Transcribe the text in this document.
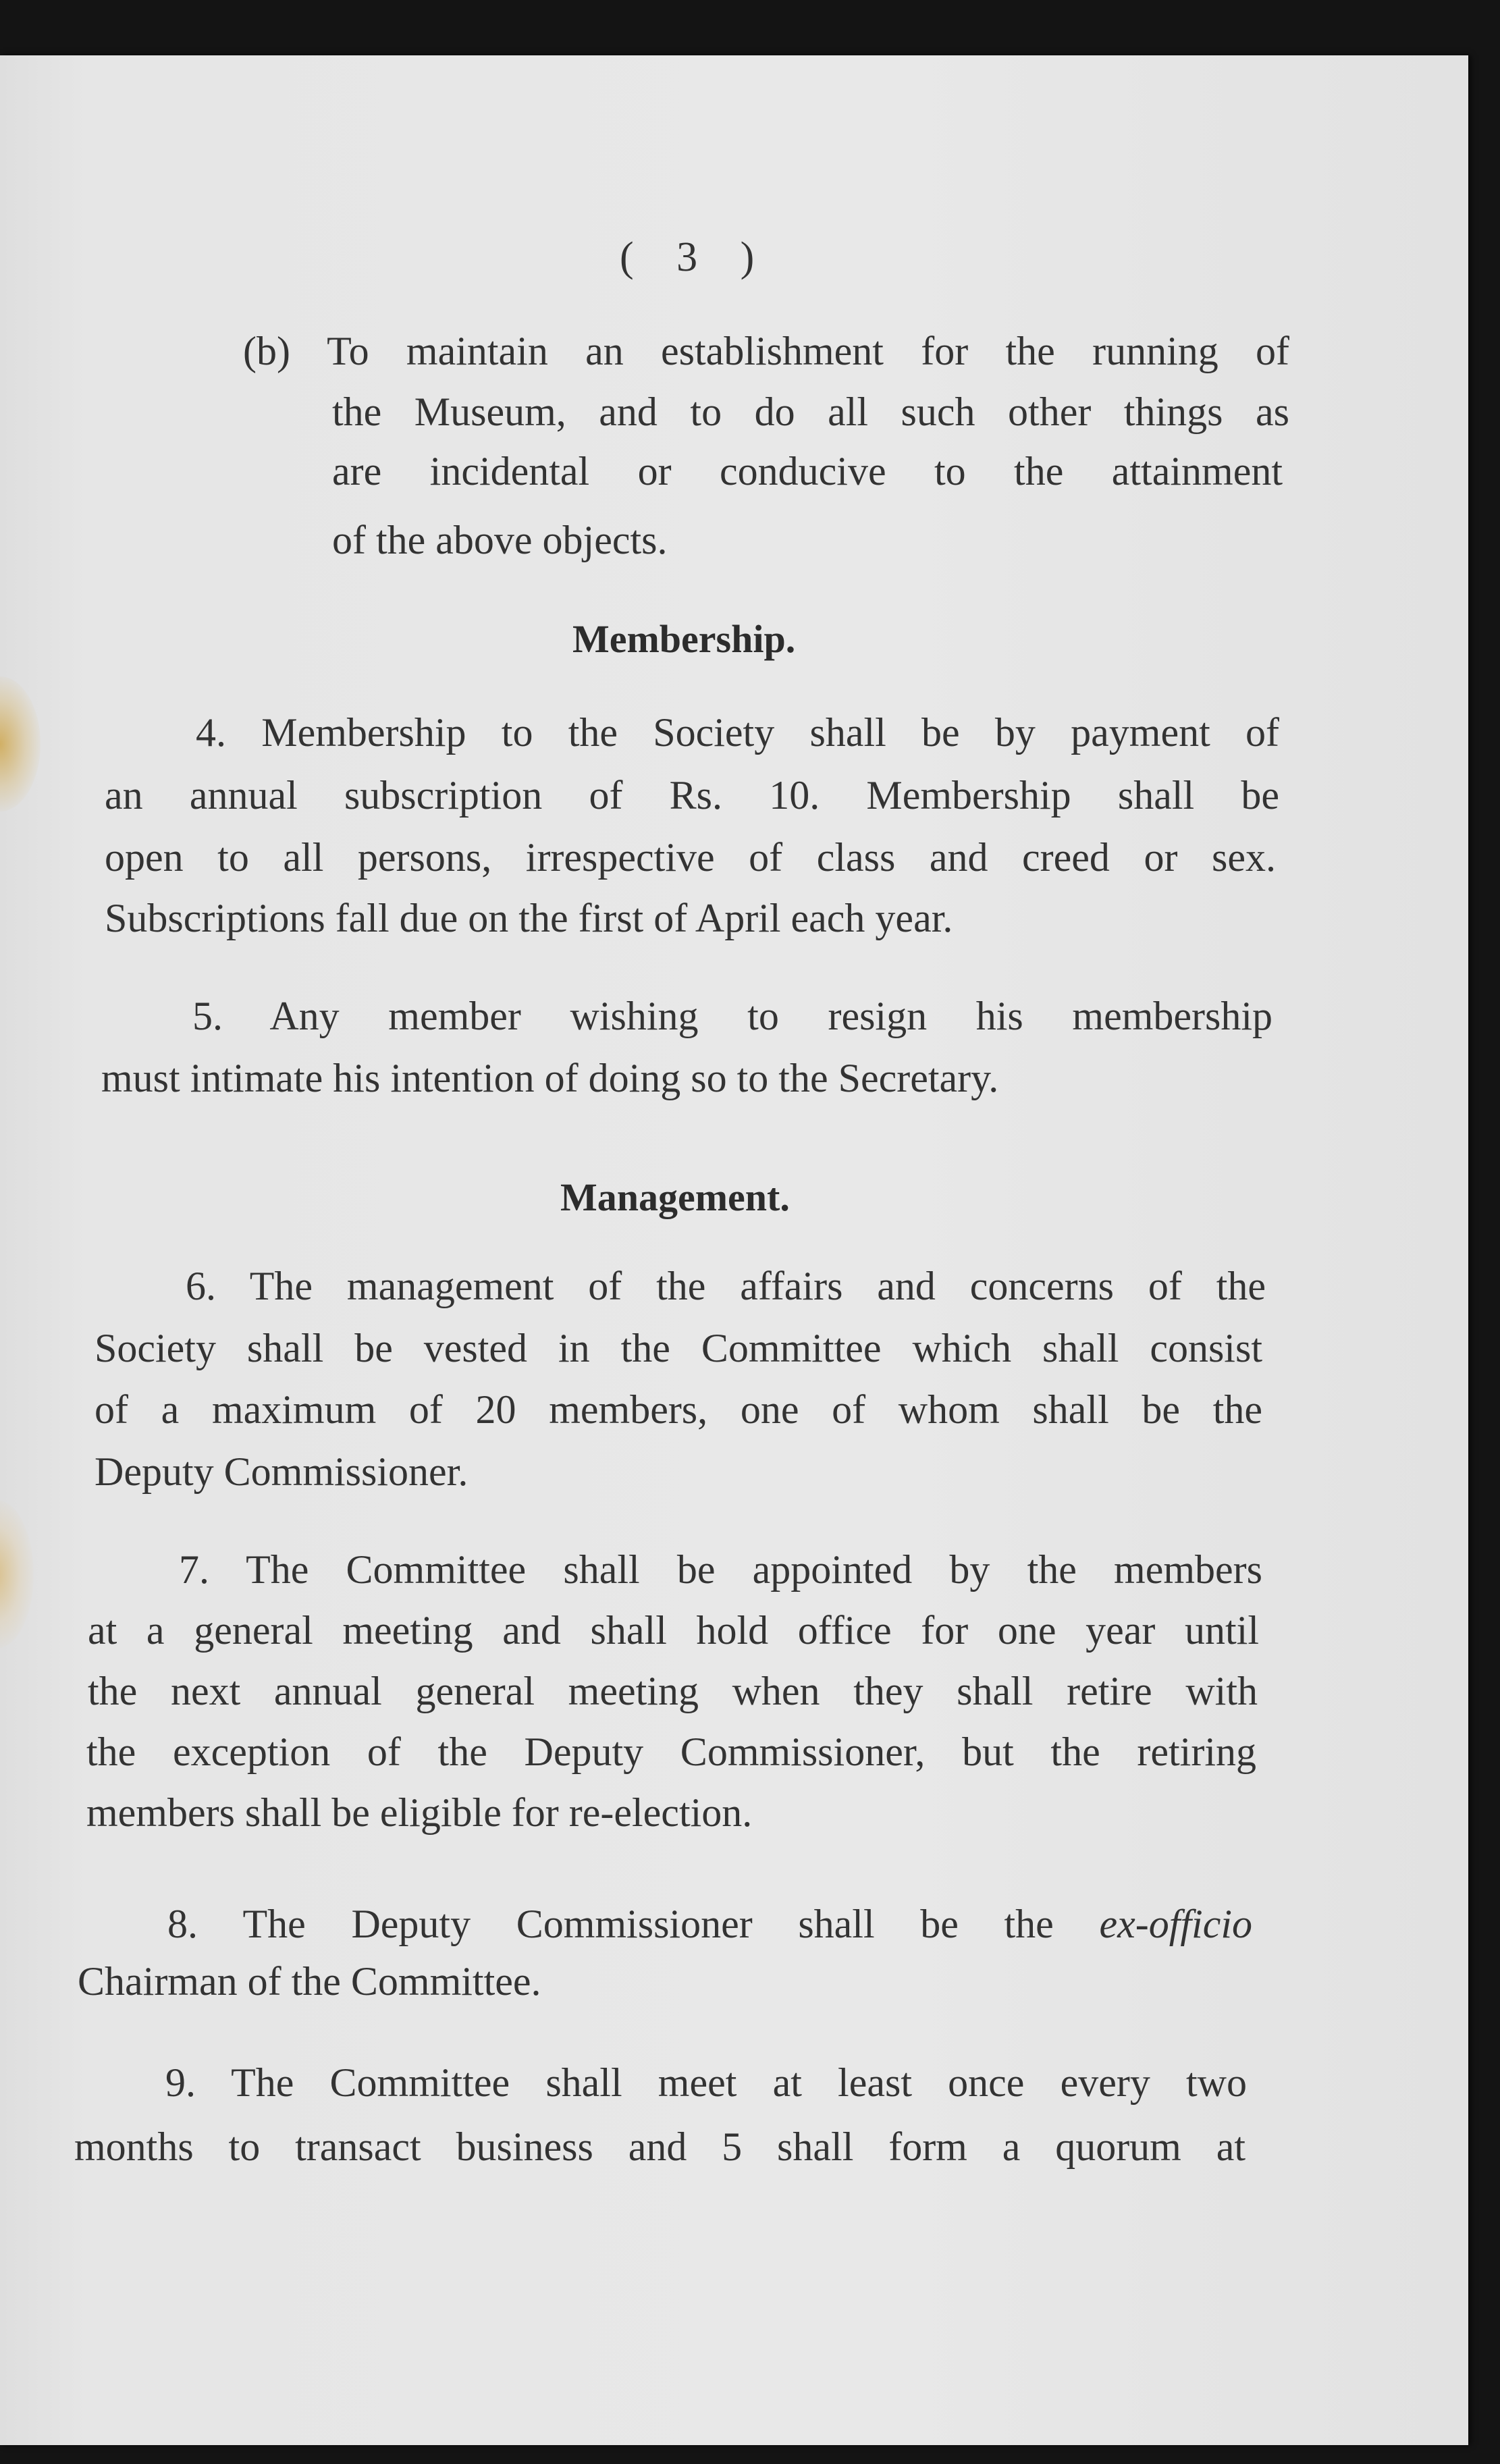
( 3 )

(b) To maintain an establishment for the running of

the Museum, and to do all such other things as

are incidental or conducive to the attainment

of the above objects.

Membership.

4. Membership to the Society shall be by payment of

an annual subscription of Rs. 10. Membership shall be

open to all persons, irrespective of class and creed or sex.

Subscriptions fall due on the first of April each year.

5. Any member wishing to resign his membership

must intimate his intention of doing so to the Secretary.

Management.

6. The management of the affairs and concerns of the

Society shall be vested in the Committee which shall consist

of a maximum of 20 members, one of whom shall be the

Deputy Commissioner.

7. The Committee shall be appointed by the members

at a general meeting and shall hold office for one year until

the next annual general meeting when they shall retire with

the exception of the Deputy Commissioner, but the retiring

members shall be eligible for re-election.

8. The Deputy Commissioner shall be the ex-officio

Chairman of the Committee.

9. The Committee shall meet at least once every two

months to transact business and 5 shall form a quorum at
